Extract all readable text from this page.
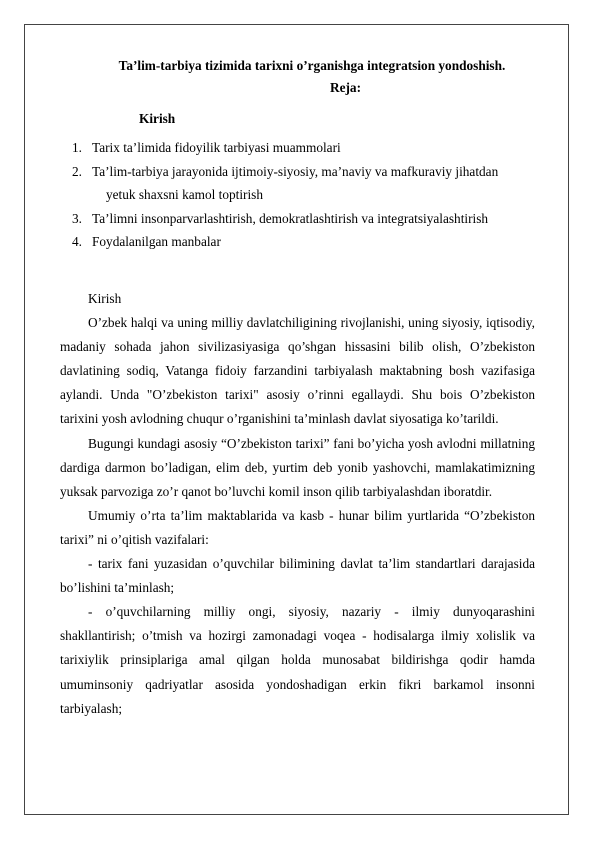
Ta’lim-tarbiya tizimida tarixni o’rganishga integratsion yondoshish.
Reja:
Kirish
1. Tarix ta’limida fidoyilik tarbiyasi muammolari
2. Ta’lim-tarbiya jarayonida ijtimoiy-siyosiy, ma’naviy va mafkuraviy jihatdan
yetuk shaxsni kamol toptirish
3. Ta’limni insonparvarlashtirish, demokratlashtirish va integratsiyalashtirish
4. Foydalanilgan manbalar

Kirish

O’zbek halqi va uning milliy davlatchiligining rivojlanishi, uning siyosiy, iqtisodiy, madaniy sohada jahon sivilizasiyasiga qo’shgan hissasini bilib olish, O’zbekiston davlatining sodiq, Vatanga fidoiy farzandini tarbiyalash maktabning bosh vazifasiga aylandi. Unda "O’zbekiston tarixi" asosiy o’rinni egallaydi. Shu bois O’zbekiston tarixini yosh avlodning chuqur o’rganishini ta’minlash davlat siyosatiga ko’tarildi.

Bugungi kundagi asosiy “O’zbekiston tarixi” fani bo’yicha yosh avlodni millatning dardiga darmon bo’ladigan, elim deb, yurtim deb yonib yashovchi, mamlakatimizning yuksak parvoziga zo’r qanot bo’luvchi komil inson qilib tarbiyalashdan iboratdir.

Umumiy o’rta ta’lim maktablarida va kasb - hunar bilim yurtlarida “O’zbekiston tarixi” ni o’qitish vazifalari:

- tarix fani yuzasidan o’quvchilar bilimining davlat ta’lim standartlari darajasida bo’lishini ta’minlash;

- o’quvchilarning milliy ongi, siyosiy, nazariy - ilmiy dunyoqarashini shakllantirish; o’tmish va hozirgi zamonadagi voqea - hodisalarga ilmiy xolislik va tarixiylik prinsiplariga amal qilgan holda munosabat bildirishga qodir hamda umuminsoniy qadriyatlar asosida yondoshadigan erkin fikri barkamol insonni tarbiyalash;
